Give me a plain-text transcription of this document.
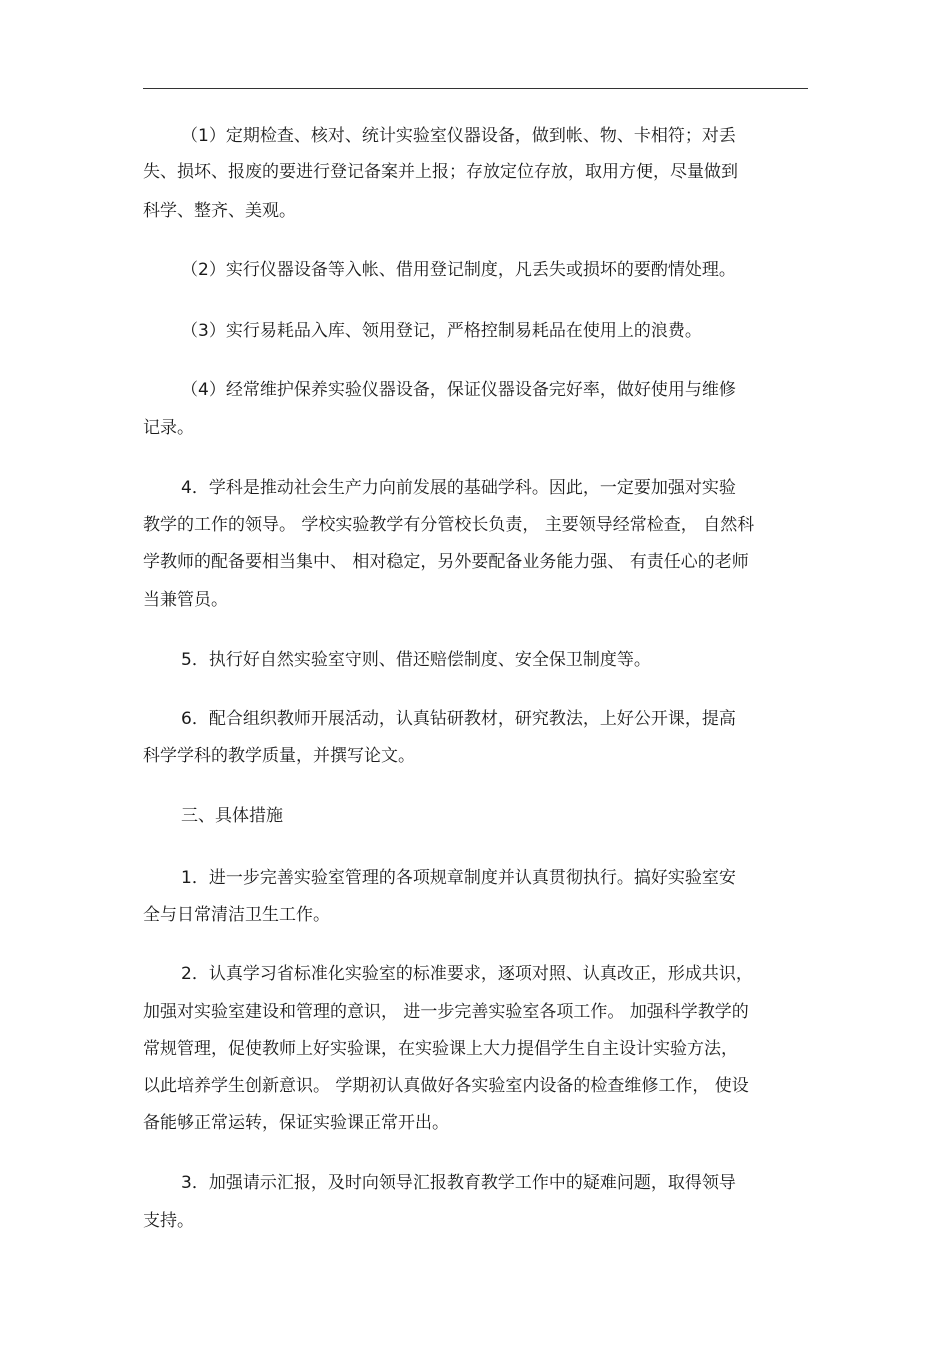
（1）定期检查、核对、统计实验室仪器设备，做到帐、物、卡相符；对丢

失、损坏、报废的要进行登记备案并上报；存放定位存放，取用方便，尽量做到

科学、整齐、美观。

（2）实行仪器设备等入帐、借用登记制度，凡丢失或损坏的要酌情处理。

（3）实行易耗品入库、领用登记，严格控制易耗品在使用上的浪费。

（4）经常维护保养实验仪器设备，保证仪器设备完好率，做好使用与维修

记录。

4．学科是推动社会生产力向前发展的基础学科。因此，一定要加强对实验

教学的工作的领导。 学校实验教学有分管校长负责， 主要领导经常检查， 自然科

学教师的配备要相当集中、 相对稳定，另外要配备业务能力强、 有责任心的老师

当兼管员。

5．执行好自然实验室守则、借还赔偿制度、安全保卫制度等。

6．配合组织教师开展活动，认真钻研教材，研究教法，上好公开课，提高

科学学科的教学质量，并撰写论文。

三、具体措施

1．进一步完善实验室管理的各项规章制度并认真贯彻执行。搞好实验室安

全与日常清洁卫生工作。

2．认真学习省标准化实验室的标准要求，逐项对照、认真改正，形成共识，

加强对实验室建设和管理的意识， 进一步完善实验室各项工作。 加强科学教学的

常规管理，促使教师上好实验课，在实验课上大力提倡学生自主设计实验方法，

以此培养学生创新意识。 学期初认真做好各实验室内设备的检查维修工作， 使设

备能够正常运转，保证实验课正常开出。

3．加强请示汇报，及时向领导汇报教育教学工作中的疑难问题，取得领导

支持。
